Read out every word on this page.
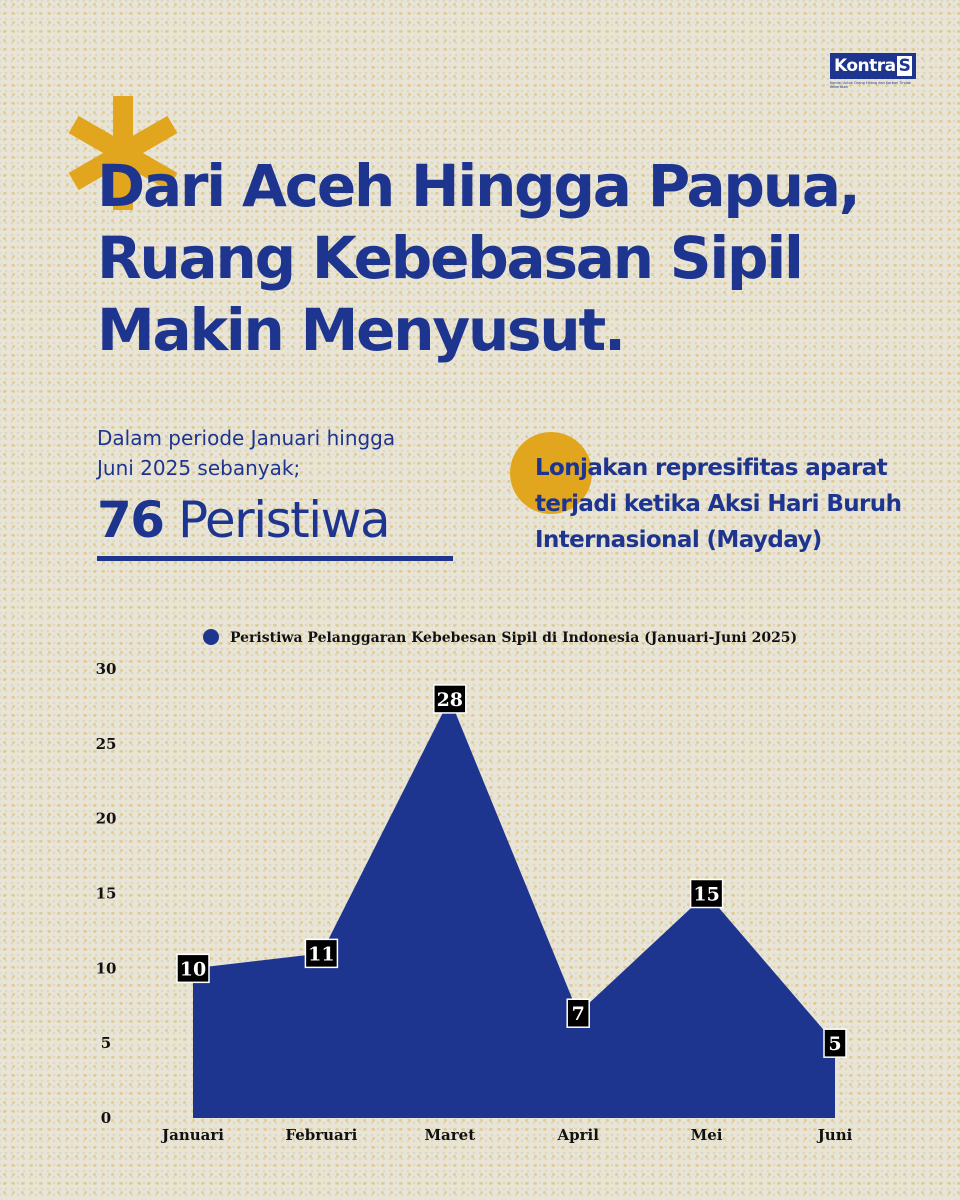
Kontra S
Komisi Untuk Orang Hilang dan Korban Tindak Kekerasan
Dari Aceh Hingga Papua,
Ruang Kebebasan Sipil
Makin Menyusut.
Dalam periode Januari hingga Juni 2025 sebanyak;
76 Peristiwa
Lonjakan represifitas aparat terjadi ketika Aksi Hari Buruh Internasional (Mayday)
Peristiwa Pelanggaran Kebebesan Sipil di Indonesia (Januari-Juni 2025)
0
5
10
15
20
25
30
Januari	Februari	Maret	April	Mei	Juni
10
11
28
7
15
5
